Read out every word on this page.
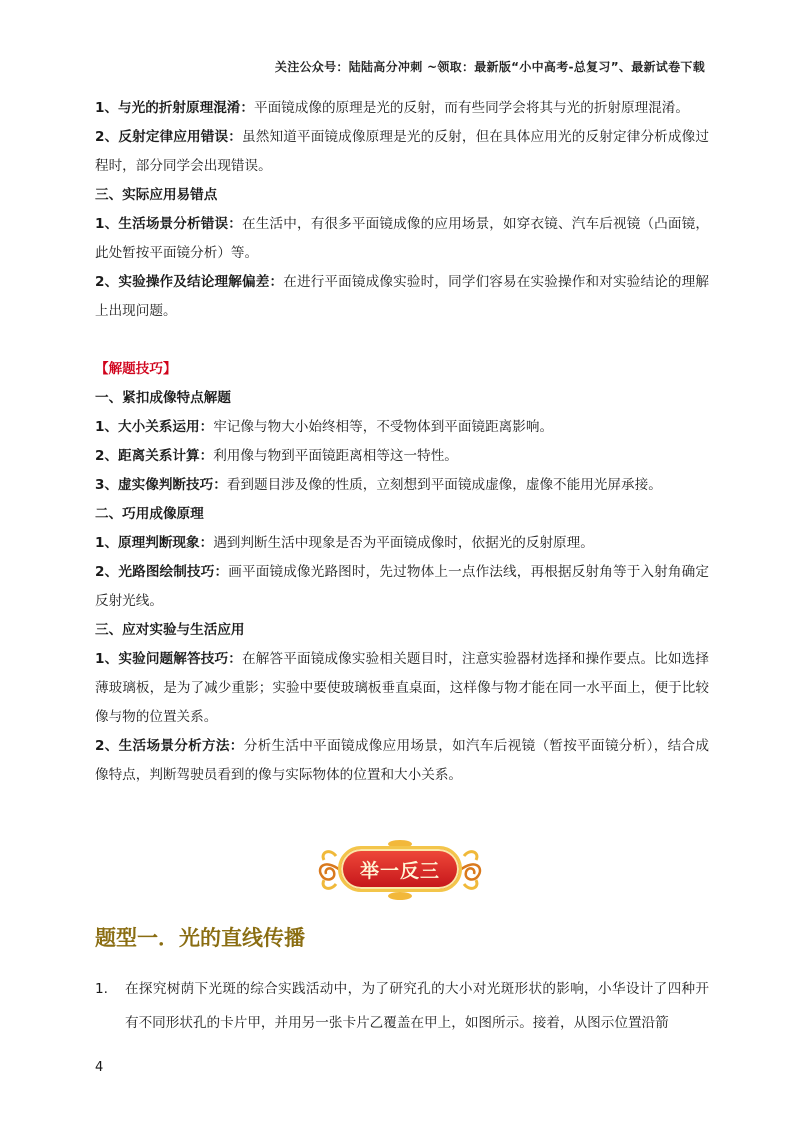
关注公众号：陆陆高分冲刺 ~领取：最新版“小中高考-总复习”、最新试卷下载

1、与光的折射原理混淆：平面镜成像的原理是光的反射，而有些同学会将其与光的折射原理混淆。

2、反射定律应用错误：虽然知道平面镜成像原理是光的反射，但在具体应用光的反射定律分析成像过程时，部分同学会出现错误。

三、实际应用易错点

1、生活场景分析错误：在生活中，有很多平面镜成像的应用场景，如穿衣镜、汽车后视镜（凸面镜，此处暂按平面镜分析）等。

2、实验操作及结论理解偏差：在进行平面镜成像实验时，同学们容易在实验操作和对实验结论的理解上出现问题。

【解题技巧】

一、紧扣成像特点解题

1、大小关系运用：牢记像与物大小始终相等，不受物体到平面镜距离影响。

2、距离关系计算：利用像与物到平面镜距离相等这一特性。

3、虚实像判断技巧：看到题目涉及像的性质，立刻想到平面镜成虚像，虚像不能用光屏承接。

二、巧用成像原理

1、原理判断现象：遇到判断生活中现象是否为平面镜成像时，依据光的反射原理。

2、光路图绘制技巧：画平面镜成像光路图时，先过物体上一点作法线，再根据反射角等于入射角确定反射光线。

三、应对实验与生活应用

1、实验问题解答技巧：在解答平面镜成像实验相关题目时，注意实验器材选择和操作要点。比如选择薄玻璃板，是为了减少重影；实验中要使玻璃板垂直桌面，这样像与物才能在同一水平面上，便于比较像与物的位置关系。

2、生活场景分析方法：分析生活中平面镜成像应用场景，如汽车后视镜（暂按平面镜分析），结合成像特点，判断驾驶员看到的像与实际物体的位置和大小关系。

举一反三
题型一．光的直线传播
1. 在探究树荫下光斑的综合实践活动中，为了研究孔的大小对光斑形状的影响，小华设计了四种开有不同形状孔的卡片甲，并用另一张卡片乙覆盖在甲上，如图所示。接着，从图示位置沿箭
4
